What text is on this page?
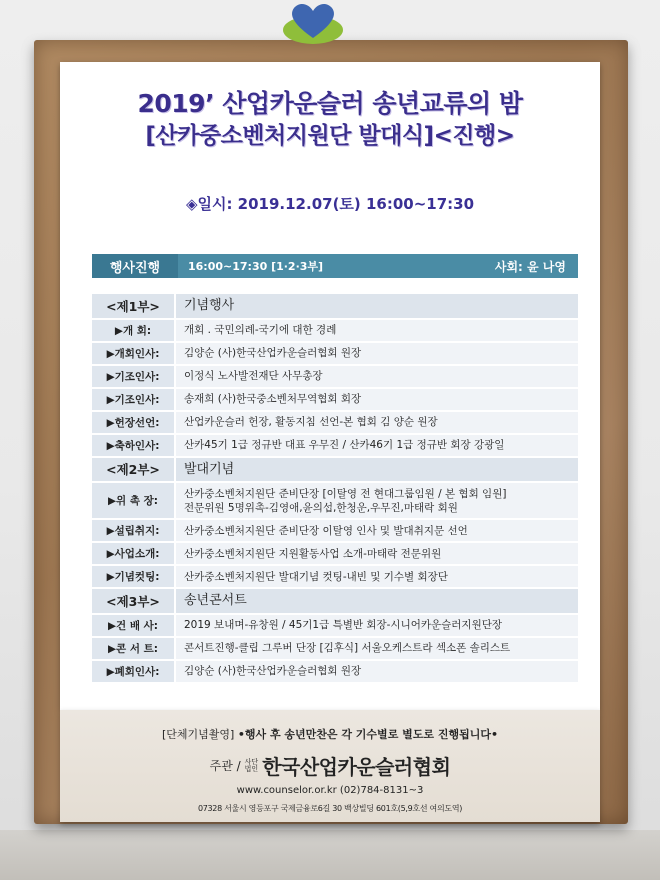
2019’ 산업카운슬러 송년교류의 밤
[산카중소벤처지원단 발대식]<진행>
◈일시: 2019.12.07(토) 16:00~17:30
행사진행	16:00~17:30 [1·2·3부]	사회: 윤 나영
<제1부>	기념행사
▶개 회:	개회 . 국민의례-국기에 대한 경례
▶개회인사:	김양순 (사)한국산업카운슬러협회 원장
▶기조인사:	이정식 노사발전재단 사무총장
▶기조인사:	송재희 (사)한국중소벤처무역협회 회장
▶헌장선언:	산업카운슬러 헌장, 활동지침 선언-본 협회 김 양순 원장
▶축하인사:	산카45기 1급 정규반 대표 우무진 / 산카46기 1급 정규반 회장 강광일
<제2부>	발대기념
▶위 촉 장:
산카중소벤처지원단 준비단장 [이탈영 전 현대그룹임원 / 본 협회 임원]
전문위원 5명위촉-김영애,윤의섭,한청운,우무진,마태락 회원
▶설립취지:	산카중소벤처지원단 준비단장 이탈영 인사 및 발대취지문 선언
▶사업소개:	산카중소벤처지원단 지원활동사업 소개-마태락 전문위원
▶기념컷팅:	산카중소벤처지원단 발대기념 컷팅-내빈 및 기수별 회장단
<제3부>	송년콘서트
▶건 배 사:	2019 보내며-유창원 / 45기1급 특별반 회장-시니어카운슬러지원단장
▶콘 서 트:	콘서트진행-클립 그루버 단장 [김후식] 서울오케스트라 섹소폰 솔리스트
▶폐회인사:	김양순 (사)한국산업카운슬러협회 원장
[단체기념촬영] •행사 후 송년만찬은 각 기수별로 별도로 진행됩니다•
주관 / 사단
법인 한국산업카운슬러협회
www.counselor.or.kr (02)784-8131~3
07328 서울시 영등포구 국제금융로6길 30 백상빌딩 601호(5,9호선 여의도역)
